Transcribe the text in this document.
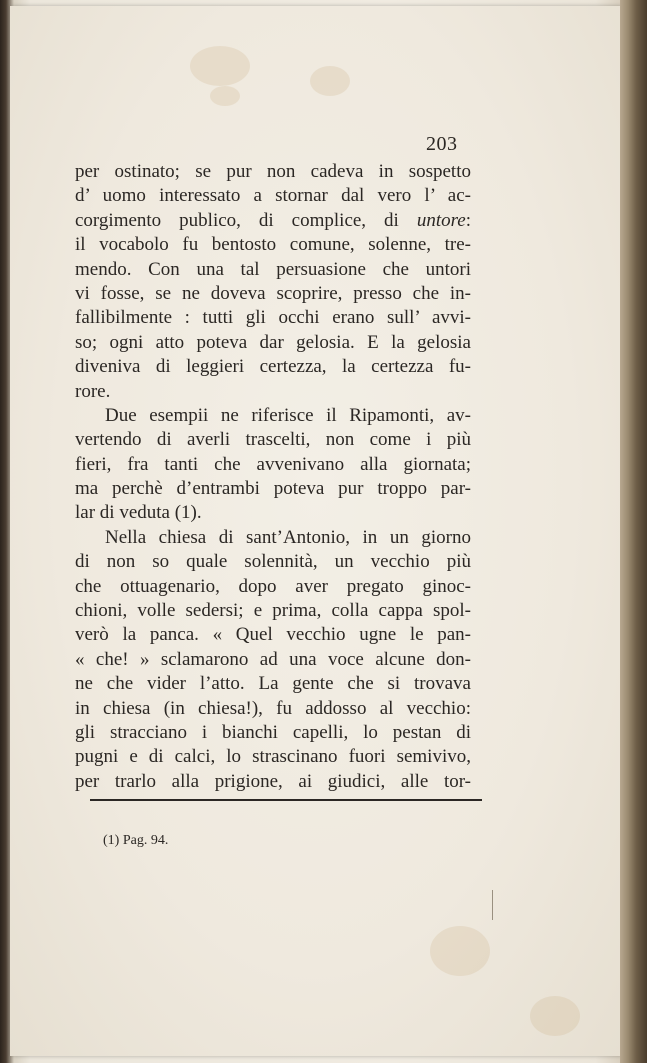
203
per ostinato; se pur non cadeva in sospetto
d’ uomo interessato a stornar dal vero l’ ac-
corgimento publico, di complice, di untore:
il vocabolo fu bentosto comune, solenne, tre-
mendo. Con una tal persuasione che untori
vi fosse, se ne doveva scoprire, presso che in-
fallibilmente : tutti gli occhi erano sull’ avvi-
so; ogni atto poteva dar gelosia. E la gelosia
diveniva di leggieri certezza, la certezza fu-
rore.
Due esempii ne riferisce il Ripamonti, av-
vertendo di averli trascelti, non come i più
fieri, fra tanti che avvenivano alla giornata;
ma perchè d’entrambi poteva pur troppo par-
lar di veduta (1).
Nella chiesa di sant’Antonio, in un giorno
di non so quale solennità, un vecchio più
che ottuagenario, dopo aver pregato ginoc-
chioni, volle sedersi; e prima, colla cappa spol-
verò la panca. « Quel vecchio ugne le pan-
« che! » sclamarono ad una voce alcune don-
ne che vider l’atto. La gente che si trovava
in chiesa (in chiesa!), fu addosso al vecchio:
gli stracciano i bianchi capelli, lo pestan di
pugni e di calci, lo strascinano fuori semivivo,
per trarlo alla prigione, ai giudici, alle tor-
(1) Pag. 94.
